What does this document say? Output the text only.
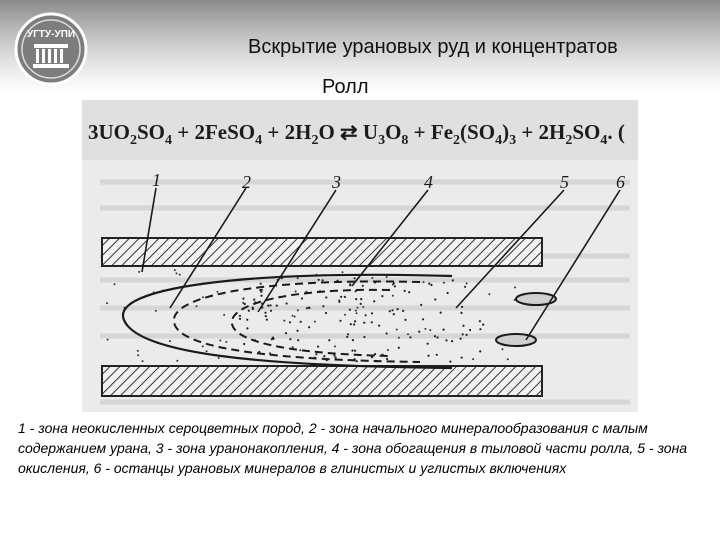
УГТУ-УПИ
Вскрытие урановых руд и концентратов
Ролл
$3UO_2SO_4$ + 2FeSO$_4$ + $2H_2O$ ⇄ $U_3O_8 + Fe_2(SO_4)_3 + 2H_2SO_4$. (
1	2	3	4	5	6
1 - зона неокисленных сероцветных пород, 2 - зона начального минералообразования с малым содержанием урана, 3 - зона уранонакопления, 4 - зона обогащения в тыловой части ролла, 5 - зона окисления, 6 - останцы урановых минералов в глинистых и углистых включениях
